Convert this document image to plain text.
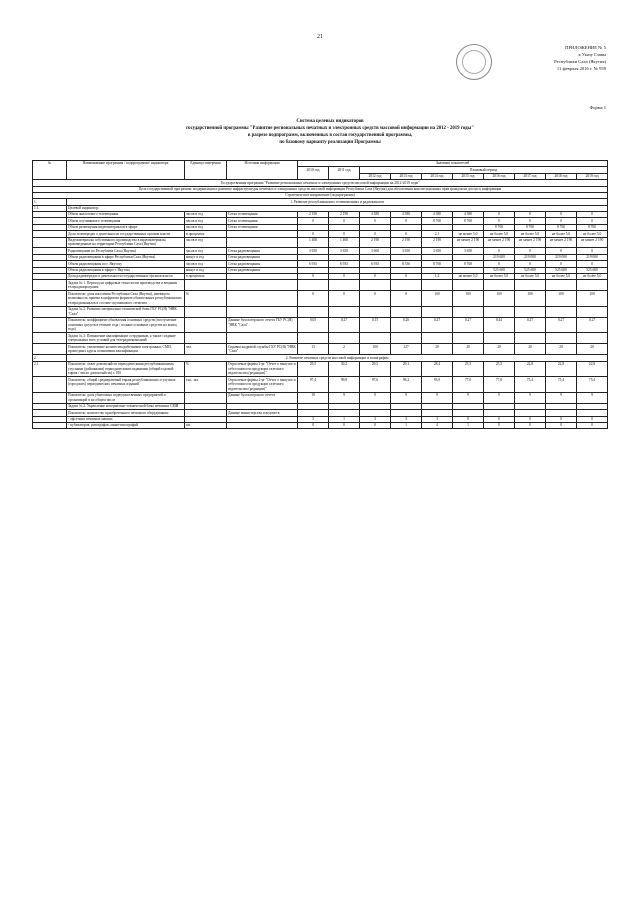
21
ПРИЛОЖЕНИЕ № 5
к Указу Главы
Республики Саха (Якутия)
11 февраля 2016 г. № 939
Форма 1
Система целевых индикаторов
государственной программы "Развитие региональных печатных и электронных средств массовой информации на 2012 - 2019 годы"
в разрезе подпрограмм, включенных в состав государственной программы,
по базовому варианту реализации Программы
№	Наименование программы / подпрограммы/ индикатора	Единица измерения	Источник информации	Значения показателей									
				2010 год	2011 год	Плановый период							
						2012 год	2013 год	2014 год	2015 год	2016 год	2017 год	2018 год	2019 год
Государственная программа "Развитие региональных печатных и электронных средств массовой информации на 2012-2019 годы"													
Цель государственной программы: модернизация и развитие инфраструктуры печатных и электронных средств массовой информации Республики Саха (Якутия) для обеспечения конституционных прав граждан на доступ к информации													
Стратегическое направление (подпрограмма)													
1.	1. Развитие республиканских телевизионных и радиоканалов												
1.1.	Целевой индикатор:												
	Объем аналогового телевещания	часов в год	Сетка телевещания	2 190	2 190	4 380	4 380	4 380	4 380	0	0	0	0
	Объем спутникового телевещания	часов в год	Сетка телевещания	0	0	0	0	8 760	8 760	0	0	0	0
	Объем размещения видеоматериалов в эфире	часов в год	Сетка телевещания							8 760	8 760	8 760	8 760
	Доля телепередач о деятельности государственных органов власти	в процентах		0	0	0	0	2,1	не менее 5,0	не более 5,0	не более 5,0	не более 5,0	не более 5,0
	Видеоматериалы собственного производства в видеоматериалы, произведенные на территории Республики Саха (Якутия)	часов в год		1 460	1 460	2 190	2 190	2 190	не менее 2 190	не менее 2 190	не менее 2 190	не менее 2 190	не менее 2 190
	Радиовещание по Республике Саха (Якутия)	часов в год	Сетка радиовещания	3 650	3 650	3 660	3 650	3 650	3 650	0	0	0	0
	Объем радиовещания в эфире Республики Саха (Якутия)	минут в год	Сетка радиовещания							219 600	219 000	219 000	219 000
	Объем радиовещания по г. Якутску	часов в год	Сетка радиовещания	6 935	6 935	6 935	8 536	8 760	8 760	0	0	0	0
	Объем радиовещания в эфире г. Якутска	минут в год	Сетка радиовещания							525 600	525 600	525 600	525 600
	Доля радиопередач о деятельности государственных органов власти	в процентах		0	0	0	0	1,2	не менее 5,0	не более 5,0	не более 5,0	не более 5,0	не более 5,0
	Задача № 1. Переход на цифровые технологии производства и вещания телерадиопрограмм												
	Показатель: доля населения Республики Саха (Якутия), имеющего возможность приема в цифровом формате обязательных республиканских телерадиоканалов в составе спутникового сегмента	%		0	0	0	0	100	100	100	100	100	100
	Задача № 2. Развитие материально-технической базы ГБУ РС(Я) "НВК "Саха"												
	Показатель: коэффициент обновления основных средств (поступление основных средств в течение года / полные основные средства на конец года)		Данные бухгалтерского отчета ГБУ РС(Я) "НВК "Саха"	0,05	0,27	0,15	0,26	0,27	0,27	0,44	0,27	0,27	0,27
	Задача № 3. Повышение квалификации сотрудников, а также создание специальных всех условий для телерадиокомпаний												
	Показатель: увеличение количества работников электронных СМИ, прошедших курсы повышения квалификации	чел.	Справка кадровой службы ГБУ РС(Я) "НВК "Саха"	13	2	100	127	20	20	20	20	20	20
2.	2. Развитие печатных средств массовой информации и полиграфии												
2.1.	Показатель: охват домохозяйств периодическими республиканскими, улусными (районными) периодическими изданиями (общий годовой тираж / число домохозяйств) х 100	%	Отраслевые формы 2-рг "Отчет о выпуске и себестоимости продукции газетного издательства (редакции)"	29,5	30,2	29,5	29,1	28,4	25,5	25,5	22,8	22,8	22,8
	Показатель: общий среднеразовый тираж республиканских и улусных (городских) периодических печатных изданий	тыс. экз.	Отраслевые формы 2-рг "Отчет о выпуске и себестоимости продукции газетного издательства (редакции)"	97,4	99,8	97,6	96,2	93,9	77,0	77,0	75,4	75,4	75,4
	Показатель: доля убыточных подведомственных предприятий и организаций в их общем числе		Данные бухгалтерского отчета	10	9	9	9	9	9	9	9	9	9
	Задача № 2. Укрепление материально-технической базы печатных СМИ												
	Показатель: количество приобретенного печатного оборудования:		Данные министерства и ведомств										
	- офсетных печатных машин;			3	1	3	3	3	0	0	0	0	0
	- публиаторов, ризографов, мини-типографий	шт.		0	0	0	1	4	1	0	0	0	0
